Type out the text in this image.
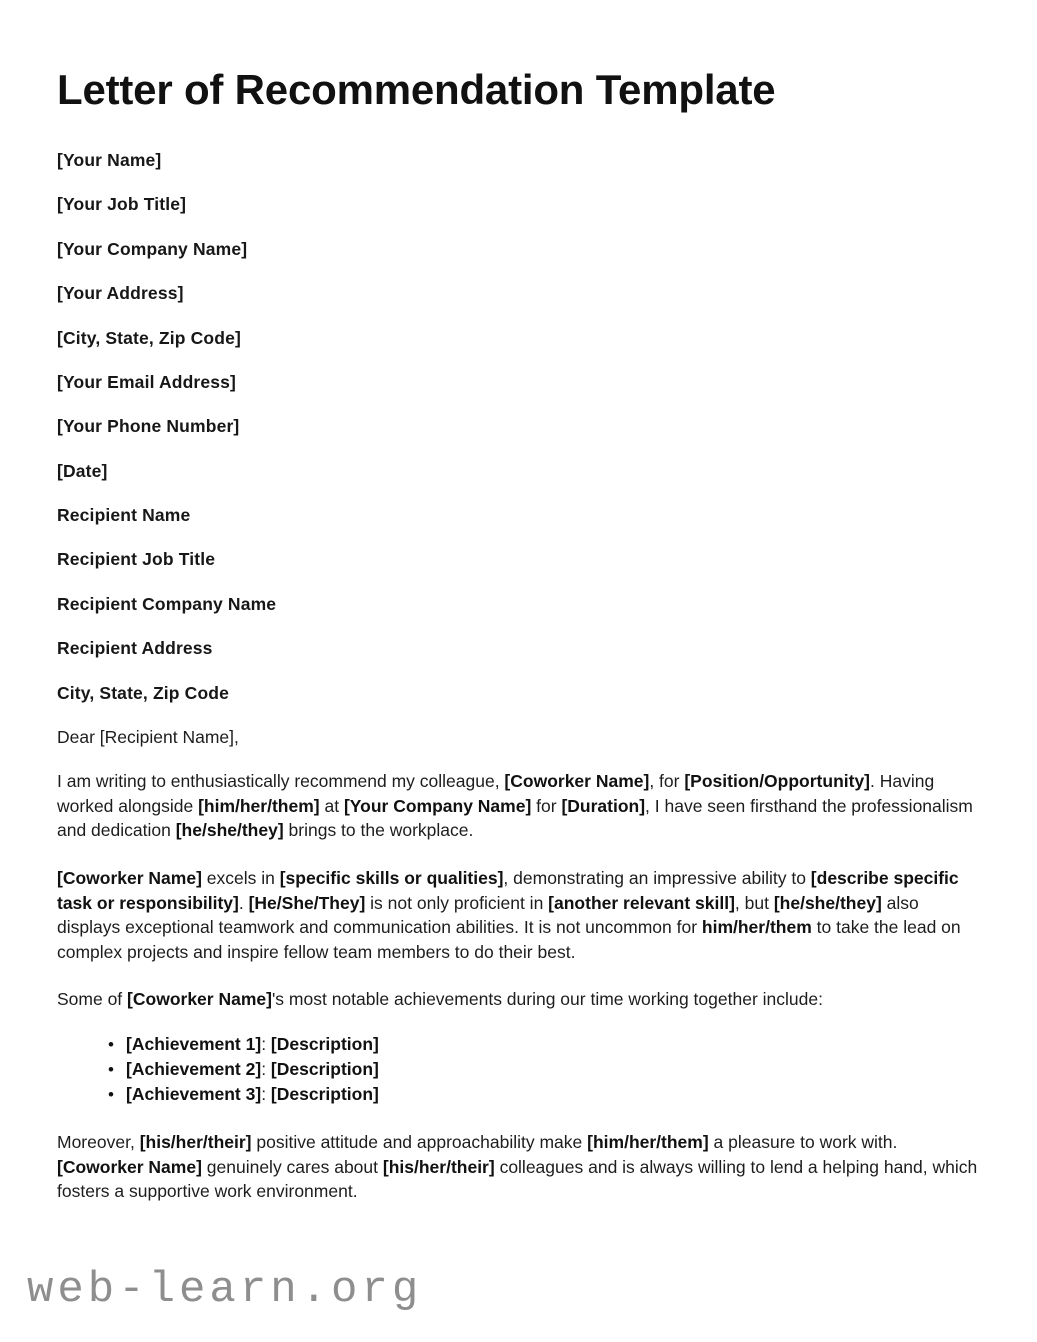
Letter of Recommendation Template

[Your Name]

[Your Job Title]

[Your Company Name]

[Your Address]

[City, State, Zip Code]

[Your Email Address]

[Your Phone Number]

[Date]

Recipient Name

Recipient Job Title

Recipient Company Name

Recipient Address

City, State, Zip Code

Dear [Recipient Name],

I am writing to enthusiastically recommend my colleague, [Coworker Name], for [Position/Opportunity]. Having worked alongside [him/her/them] at [Your Company Name] for [Duration], I have seen firsthand the professionalism and dedication [he/she/they] brings to the workplace.

[Coworker Name] excels in [specific skills or qualities], demonstrating an impressive ability to [describe specific task or responsibility]. [He/She/They] is not only proficient in [another relevant skill], but [he/she/they] also displays exceptional teamwork and communication abilities. It is not uncommon for him/her/them to take the lead on complex projects and inspire fellow team members to do their best.

Some of [Coworker Name]'s most notable achievements during our time working together include:

• [Achievement 1]: [Description]
• [Achievement 2]: [Description]
• [Achievement 3]: [Description]

Moreover, [his/her/their] positive attitude and approachability make [him/her/them] a pleasure to work with. [Coworker Name] genuinely cares about [his/her/their] colleagues and is always willing to lend a helping hand, which fosters a supportive work environment.

web-learn.org
